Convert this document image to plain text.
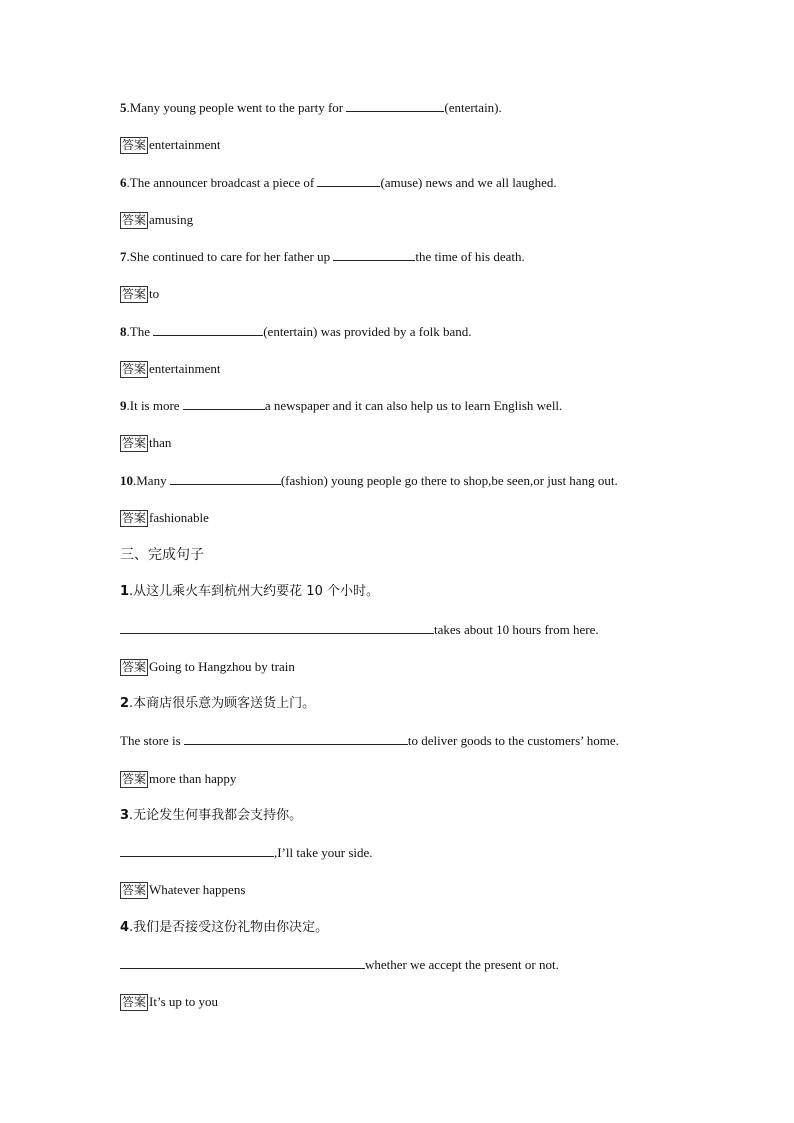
5.Many young people went to the party for	(entertain).
答案 entertainment
6.The announcer broadcast a piece of	(amuse) news and we all laughed.
答案 amusing
7.She continued to care for her father up	the time of his death.
答案 to
8.The	(entertain) was provided by a folk band.
答案 entertainment
9.It is more	a newspaper and it can also help us to learn English well.
答案 than
10.Many	(fashion) young people go there to shop,be seen,or just hang out.
答案 fashionable
三、完成句子
1.从这儿乘火车到杭州大约要花 10 个小时。
takes about 10 hours from here.
答案 Going to Hangzhou by train
2.本商店很乐意为顾客送货上门。
The store is	to deliver goods to the customers’ home.
答案 more than happy
3.无论发生何事我都会支持你。
,I’ll take your side.
答案 Whatever happens
4.我们是否接受这份礼物由你决定。
whether we accept the present or not.
答案 It’s up to you
